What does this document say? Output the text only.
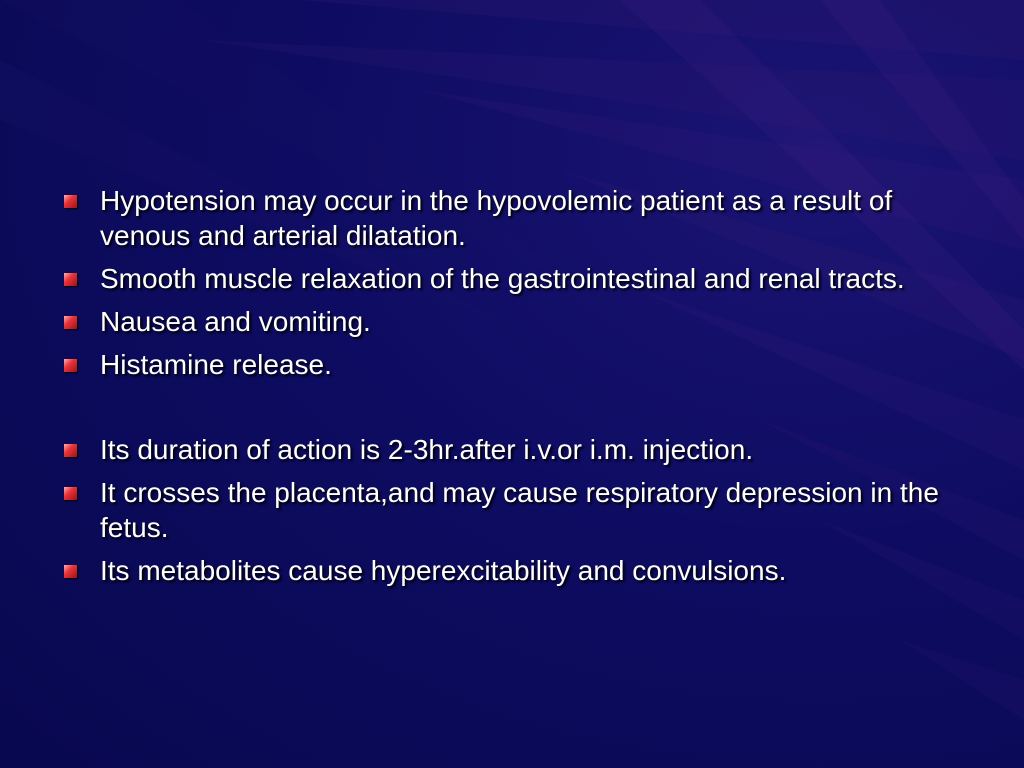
Hypotension may occur in the hypovolemic patient as a result of venous and arterial dilatation.
Smooth muscle relaxation of the gastrointestinal and renal tracts.
Nausea and vomiting.
Histamine release.
Its duration of action is 2-3hr.after i.v.or i.m. injection.
It crosses the placenta,and may cause respiratory depression in the fetus.
Its metabolites cause hyperexcitability and convulsions.
